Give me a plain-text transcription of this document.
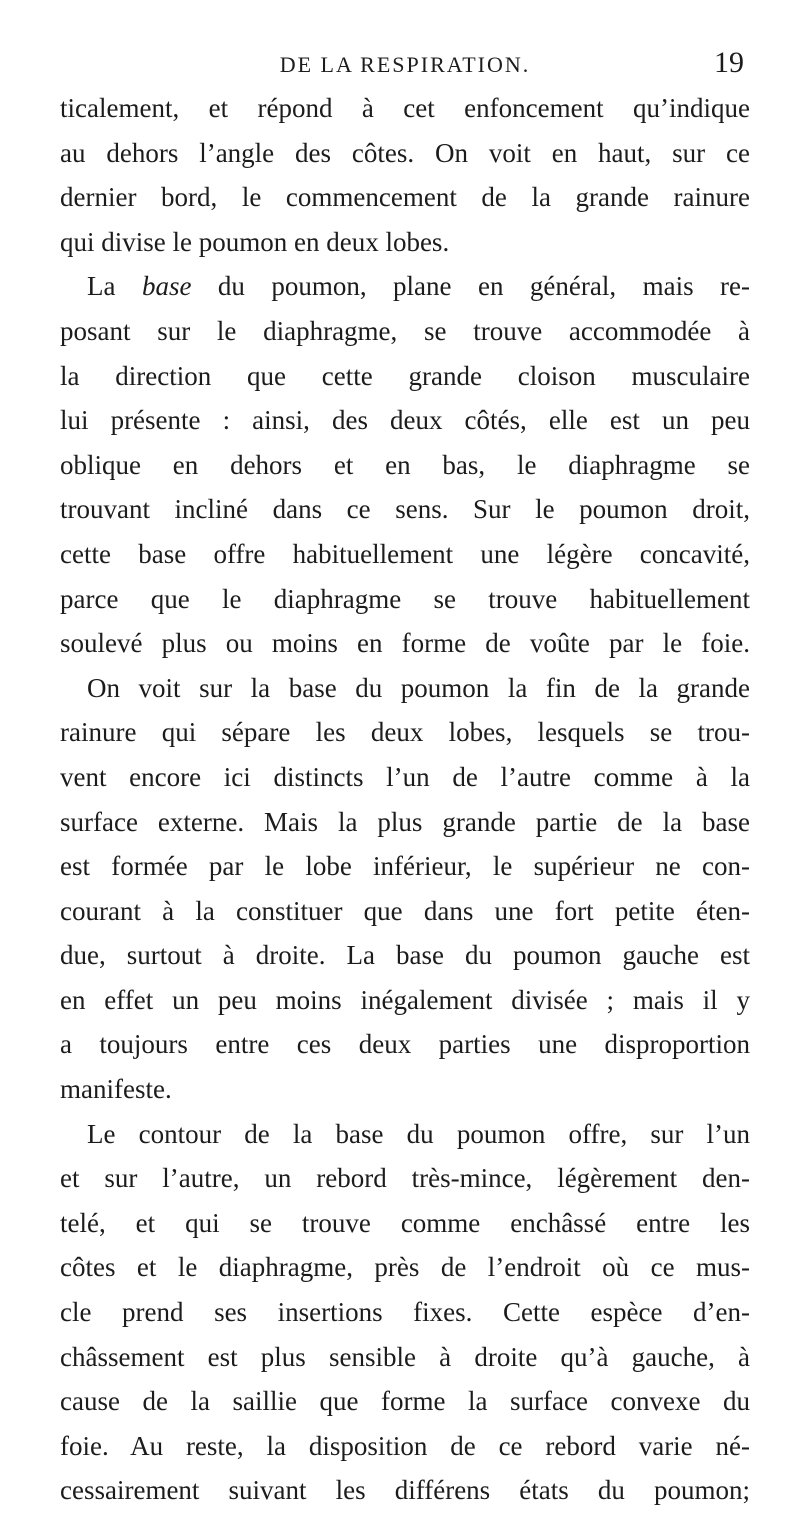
DE LA RESPIRATION.	19
ticalement, et répond à cet enfoncement qu’indique
au dehors l’angle des côtes. On voit en haut, sur ce
dernier bord, le commencement de la grande rainure
qui divise le poumon en deux lobes.
La base du poumon, plane en général, mais re-
posant sur le diaphragme, se trouve accommodée à
la direction que cette grande cloison musculaire
lui présente : ainsi, des deux côtés, elle est un peu
oblique en dehors et en bas, le diaphragme se
trouvant incliné dans ce sens. Sur le poumon droit,
cette base offre habituellement une légère concavité,
parce que le diaphragme se trouve habituellement
soulevé plus ou moins en forme de voûte par le foie.
On voit sur la base du poumon la fin de la grande
rainure qui sépare les deux lobes, lesquels se trou-
vent encore ici distincts l’un de l’autre comme à la
surface externe. Mais la plus grande partie de la base
est formée par le lobe inférieur, le supérieur ne con-
courant à la constituer que dans une fort petite éten-
due, surtout à droite. La base du poumon gauche est
en effet un peu moins inégalement divisée ; mais il y
a toujours entre ces deux parties une disproportion
manifeste.
Le contour de la base du poumon offre, sur l’un
et sur l’autre, un rebord très-mince, légèrement den-
telé, et qui se trouve comme enchâssé entre les
côtes et le diaphragme, près de l’endroit où ce mus-
cle prend ses insertions fixes. Cette espèce d’en-
châssement est plus sensible à droite qu’à gauche, à
cause de la saillie que forme la surface convexe du
foie. Au reste, la disposition de ce rebord varie né-
cessairement suivant les différens états du poumon;
